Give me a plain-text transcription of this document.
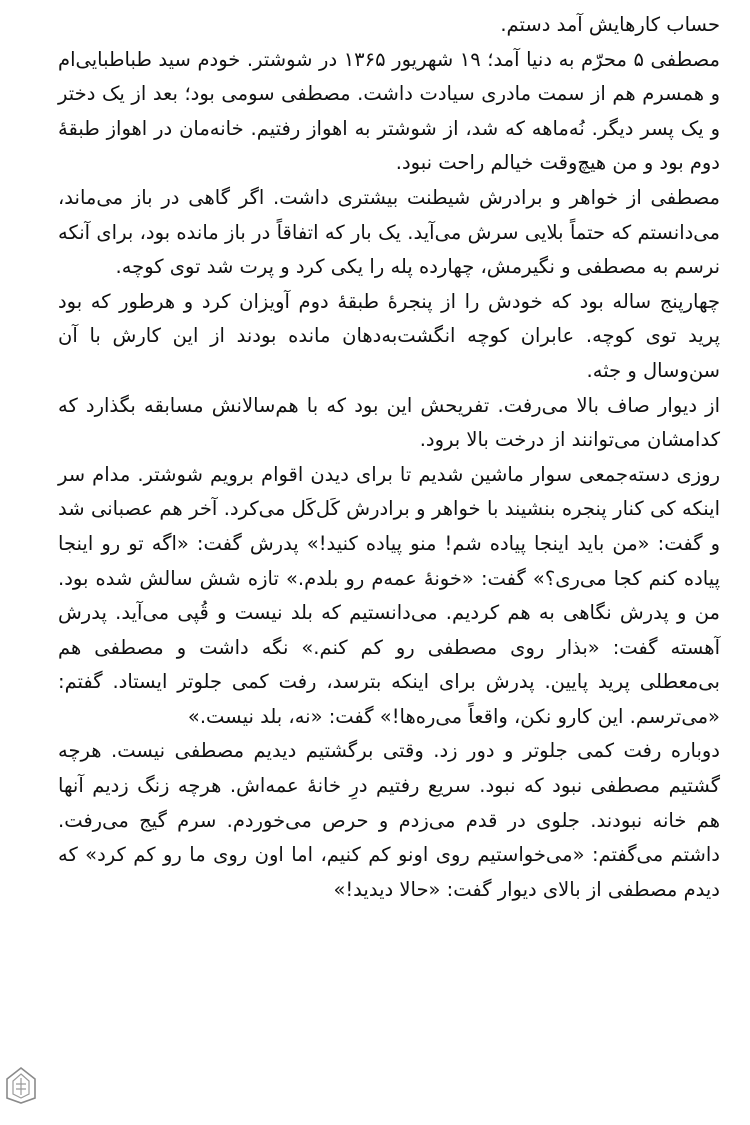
حساب کارهایش آمد دستم.

مصطفی ۵ محرّم به دنیا آمد؛ ۱۹ شهریور ۱۳۶۵ در شوشتر. خودم سید طباطبایی‌ام و همسرم هم از سمت مادری سیادت داشت. مصطفی سومی بود؛ بعد از یک دختر و یک پسر دیگر. نُه‌ماهه که شد، از شوشتر به اهواز رفتیم. خانه‌مان در اهواز طبقهٔ دوم بود و من هیچ‌وقت خیالم راحت نبود.

مصطفی از خواهر و برادرش شیطنت بیشتری داشت. اگر گاهی در باز می‌ماند، می‌دانستم که حتماً بلایی سرش می‌آید. یک بار که اتفاقاً در باز مانده بود، برای آنکه نرسم به مصطفی و نگیرمش، چهارده پله را یکی کرد و پرت شد توی کوچه.

چهارپنج ساله بود که خودش را از پنجرهٔ طبقهٔ دوم آویزان کرد و هرطور که بود پرید توی کوچه. عابران کوچه انگشت‌به‌دهان مانده بودند از این کارش با آن سن‌وسال و جثه.

از دیوار صاف بالا می‌رفت. تفریحش این بود که با هم‌سالانش مسابقه بگذارد که کدامشان می‌توانند از درخت بالا برود.

روزی دسته‌جمعی سوار ماشین شدیم تا برای دیدن اقوام برویم شوشتر. مدام سر اینکه کی کنار پنجره بنشیند با خواهر و برادرش کَل‌کَل می‌کرد. آخر هم عصبانی شد و گفت: «من باید اینجا پیاده شم! منو پیاده کنید!» پدرش گفت: «اگه تو رو اینجا پیاده کنم کجا می‌ری؟» گفت: «خونهٔ عمه‌م رو بلدم.» تازه شش سالش شده بود. من و پدرش نگاهی به هم کردیم. می‌دانستیم که بلد نیست و قُپی می‌آید. پدرش آهسته گفت: «بذار روی مصطفی رو کم کنم.» نگه داشت و مصطفی هم بی‌معطلی پرید پایین. پدرش برای اینکه بترسد، رفت کمی جلوتر ایستاد. گفتم: «می‌ترسم. این کارو نکن، واقعاً می‌ره‌ها!» گفت: «نه، بلد نیست.»

دوباره رفت کمی جلوتر و دور زد. وقتی برگشتیم دیدیم مصطفی نیست. هرچه گشتیم مصطفی نبود که نبود. سریع رفتیم درِ خانهٔ عمه‌اش. هرچه زنگ زدیم آنها هم خانه نبودند. جلوی در قدم می‌زدم و حرص می‌خوردم. سرم گیج می‌رفت. داشتم می‌گفتم: «می‌خواستیم روی اونو کم کنیم، اما اون روی ما رو کم کرد» که دیدم مصطفی از بالای دیوار گفت: «حالا دیدید!»
